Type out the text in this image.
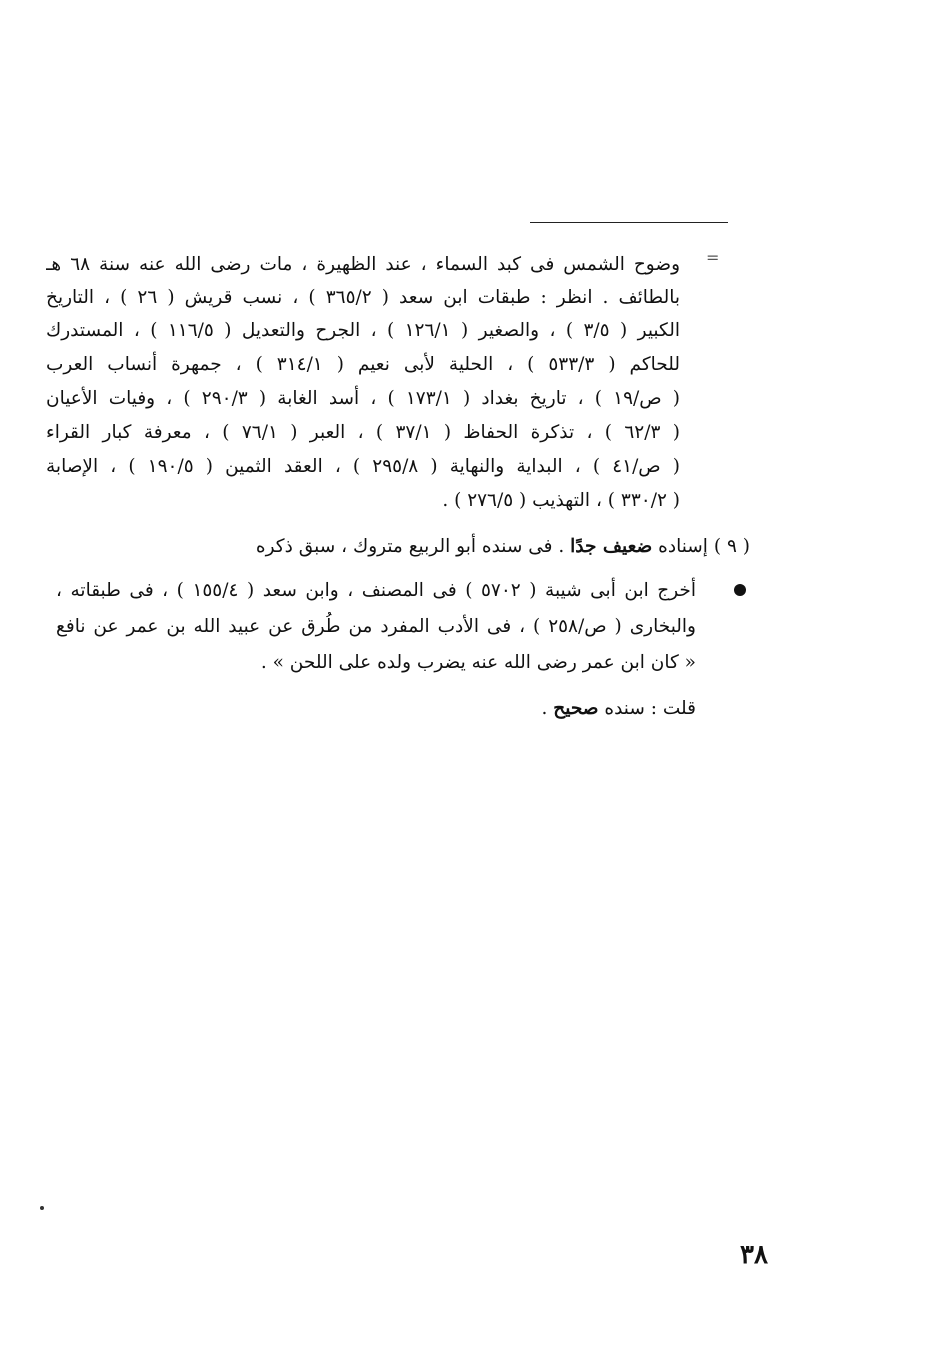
=
وضوح الشمس فى كبد السماء ، عند الظهيرة ، مات رضى الله عنه سنة ٦٨ هـ
بالطائف . انظر : طبقات ابن سعد ( ٣٦٥/٢ ) ، نسب قريش ( ٢٦ ) ، التاريخ
الكبير ( ٣/٥ ) ، والصغير ( ١٢٦/١ ) ، الجرح والتعديل ( ١١٦/٥ ) ، المستدرك
للحاكم ( ٥٣٣/٣ ) ، الحلية لأبى نعيم ( ٣١٤/١ ) ، جمهرة أنساب العرب
( ص/١٩ ) ، تاريخ بغداد ( ١٧٣/١ ) ، أسد الغابة ( ٢٩٠/٣ ) ، وفيات الأعيان
( ٦٢/٣ ) ، تذكرة الحفاظ ( ٣٧/١ ) ، العبر ( ٧٦/١ ) ، معرفة كبار القراء
( ص/٤١ ) ، البداية والنهاية ( ٢٩٥/٨ ) ، العقد الثمين ( ١٩٠/٥ ) ، الإصابة
( ٣٣٠/٢ ) ، التهذيب ( ٢٧٦/٥ ) .
( ٩ ) إسناده ضعيف جدًا . فى سنده أبو الربيع متروك ، سبق ذكره
أخرج ابن أبى شيبة ( ٥٧٠٢ ) فى المصنف ، وابن سعد ( ١٥٥/٤ ) ، فى طبقاته ،
والبخارى ( ص/٢٥٨ ) ، فى الأدب المفرد من طُرق عن عبيد الله بن عمر عن نافع
« كان ابن عمر رضى الله عنه يضرب ولده على اللحن » .
قلت : سنده صحيح .
٣٨
